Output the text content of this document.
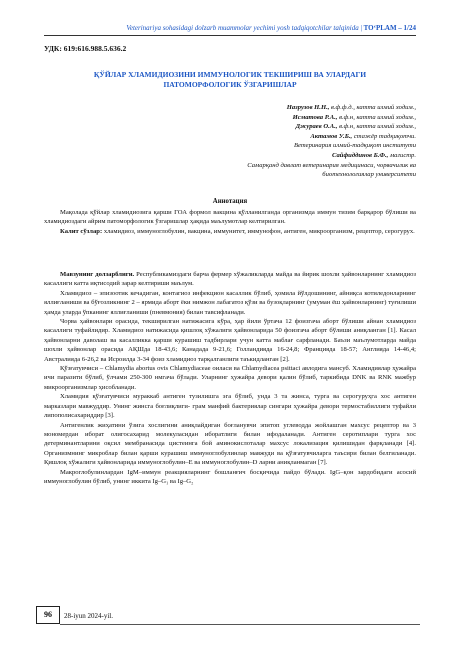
Veterinariya sohasidagi dolzarb muammolar yechimi yosh tadqiqotchilar talqinida | TO‘PLAM – 1/24
УДК: 619:616.988.5.636.2
ҚЎЙЛАР ХЛАМИДИОЗИНИ ИММУНОЛОГИК ТЕКШИРИШ ВА УЛАРДАГИ
ПАТОМОРФОЛОГИК ЎЗГАРИШЛАР
Назрузов Н.Н., в.ф.ф.д., катта илмий ходим.,
Исматова Р.А., в.ф.н, катта илмий ходим.,
Джураев О.А., в.ф.н, катта илмий ходим.,
Актамов У.Б., стажёр тадқиқотчи.
Ветеринария илмий-тадқиқот институти
Сайфиддинов Б.Ф., магистр.
Самарқанд давлат ветеринария медицинаси, чорвачилик ва
биотехнологиялар университети
Аннотация

Мақолада қўйлар хламидиозига қарши ГОА формол вакцина қўлланилганда организмда иммун тизим барқарор бўлиши ва хламидиоздаги айрим патоморфологик ўзгаришлар ҳақида маълумотлар келтирилган.

Калит сўзлар: хламидиоз, иммуноглобулин, вакцина, иммунитет, иммунофон, антиген, микроорганизм, рецептор, серогурух.

Мавзунинг долзарблиги. Республикамиздаги барча фермер хўжаликларда майда ва йирик шохли ҳайвонларнинг хламидиоз касаллиги катта иқтисодий зарар келтириши маълум.

Хламидиоз – эпизоотик кечадиган, контагиоз инфекцион касаллик бўлиб, ҳомила йўлдошининг, айниқса котиледонларнинг яллиғланиши ва бўғозликнинг 2 – ярмида аборт ёки нимжон лабагатоз қўзи ва бузоқларнинг (умуман ёш ҳайвонларнинг) туғилиши ҳамда уларда ўпканинг яллиғланиши (пневмония) билан тавсифланади.

Чорва ҳайвонлари орасида, текширилган натижасига кўра, ҳар йили ўртача 12 фоизгача аборт бўлиши айнан хламидиоз касаллиги туфайлидир. Хламидиоз натижасида қишлоқ хўжалиги ҳайвонларида 50 фоизгача аборт бўлиши аниқланган [1]. Касал ҳайвонларни даволаш ва касалликка қарши курашиш тадбирлари учун катта маблағ сарфланади. Баъзи маълумотларда майда шохли ҳайвонлар орасида АҚШда 18-43,6; Канадада 9-21,6; Голландияда 16-24,8; Францияда 18-57; Англияда 14-46,4; Австралияда 6-26,2 ва Исроилда 3-34 фоиз хламидиоз тарқалганлиги таъкидланган [2].

Қўзғатувчиси – Chlamydia abortus ovis Chlamydiaceae оиласи ва Chlamydiacea psittaci авлодига мансуб. Хламидиялар ҳужайра ичи паразити бўлиб, ўлчами 250-300 нмгача бўлади. Уларнинг ҳужайра девори қалин бўлиб, таркибида DNK ва RNK мажбур микроорганизмлар ҳисобланади.

Хламидия қўзғатувчиси мураккаб антиген тузилишга эга бўлиб, унда 3 та жинса, турга ва серогуруҳга хос антиген марказлари мавжуддир. Унинг жинсга боғлиқлиги- грам манфий бактериялар сингари ҳужайра девори термостабиллиги туфайли липополисахариддир [3].

Антигенлик жиҳатини ўзига хослигини аниқлайдиган боғланувчи эпитоп углеводда жойлашган махсус рецептор ва 3 мономердан иборат олигосахарид молекуласидан иборатлиги билан ифодаланади. Антиген серотиплари турга хос детерминантларини оқсил мембранасида цистеинга бой аминокислоталар махсус локализация қилишидан фарқланади [4]. Организмнинг микроблар билан қарши курашиш иммуноглобулинлар мавжуди ва қўзғатувчиларга таъсири билан белгиланади. Қишлоқ хўжалиги ҳайвонларида иммуноглобулин–Е ва иммуноглобулин–D ларни аниқланмаган [7].

Макроглобулинлардан IgM–иммун реакцияларнинг бошланғич босқичида пайдо бўлади. IgG–қон зардобидаги асосий иммуноглобулин бўлиб, унинг иккита Ig–G₁ ва Ig–G₂

96	28-iyun 2024-yil.
